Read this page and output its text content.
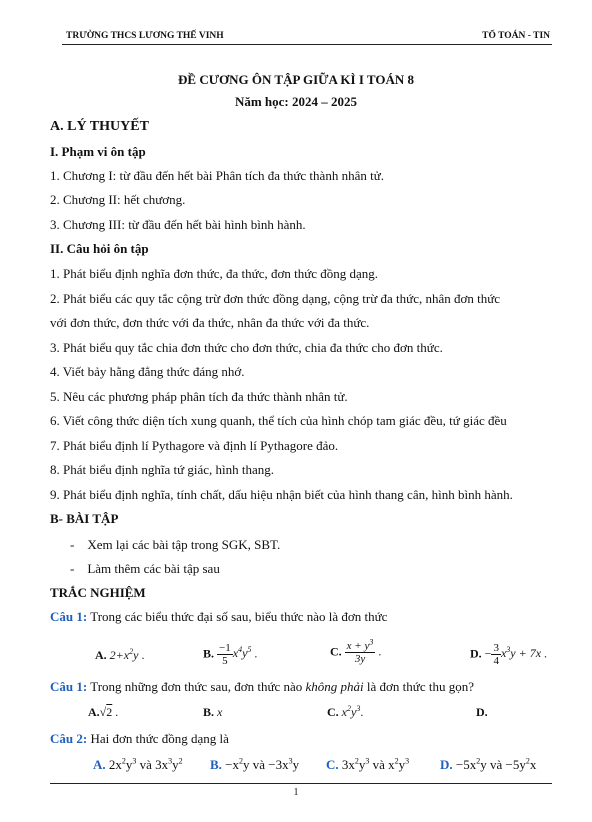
TRƯỜNG THCS LƯƠNG THẾ VINH	TỔ TOÁN - TIN
ĐỀ CƯƠNG ÔN TẬP GIỮA KÌ I TOÁN 8
Năm học: 2024 – 2025
A. LÝ THUYẾT
I. Phạm vi ôn tập
1. Chương I: từ đầu đến hết bài Phân tích đa thức thành nhân tử.
2. Chương II: hết chương.
3. Chương III: từ đầu đến hết bài hình bình hành.
II. Câu hỏi ôn tập
1. Phát biểu định nghĩa đơn thức, đa thức, đơn thức đồng dạng.
2. Phát biểu các quy tắc cộng trừ đơn thức đồng dạng, cộng trừ đa thức, nhân đơn thức
với đơn thức, đơn thức với đa thức, nhân đa thức với đa thức.
3. Phát biểu quy tắc chia đơn thức cho đơn thức, chia đa thức cho đơn thức.
4. Viết bảy hằng đẳng thức đáng nhớ.
5. Nêu các phương pháp phân tích đa thức thành nhân tử.
6. Viết công thức diện tích xung quanh, thể tích của hình chóp tam giác đều, tứ giác đều
7. Phát biểu định lí Pythagore và định lí Pythagore đảo.
8. Phát biểu định nghĩa tứ giác, hình thang.
9. Phát biểu định nghĩa, tính chất, dấu hiệu nhận biết của hình thang cân, hình bình hành.
B- BÀI TẬP
-    Xem lại các bài tập trong SGK, SBT.
-    Làm thêm các bài tập sau
TRẮC NGHIỆM
Câu 1: Trong các biểu thức đại số sau, biểu thức nào là đơn thức
A. $2+x^2y$ .	B. $\frac{-1}{5} x^4y^5$ .	C. $\frac{x + y^3}{3y}$ .	D. − $\frac{3}{4} x^3y + 7x$ .
Câu 1: Trong những đơn thức sau, đơn thức nào không phải là đơn thức thu gọn?
A.√2 .	B. x	C. $x^2y^3$.	D.
Câu 2: Hai đơn thức đồng dạng là
A. $2x^2y^3$ và $3x^3y^2$ B. $-x^2y$ và $-3x^3y$ C. $3x^2y^3$ và $x^2y^3$ D. $-5x^2y$ và $-5y^2x$
1
